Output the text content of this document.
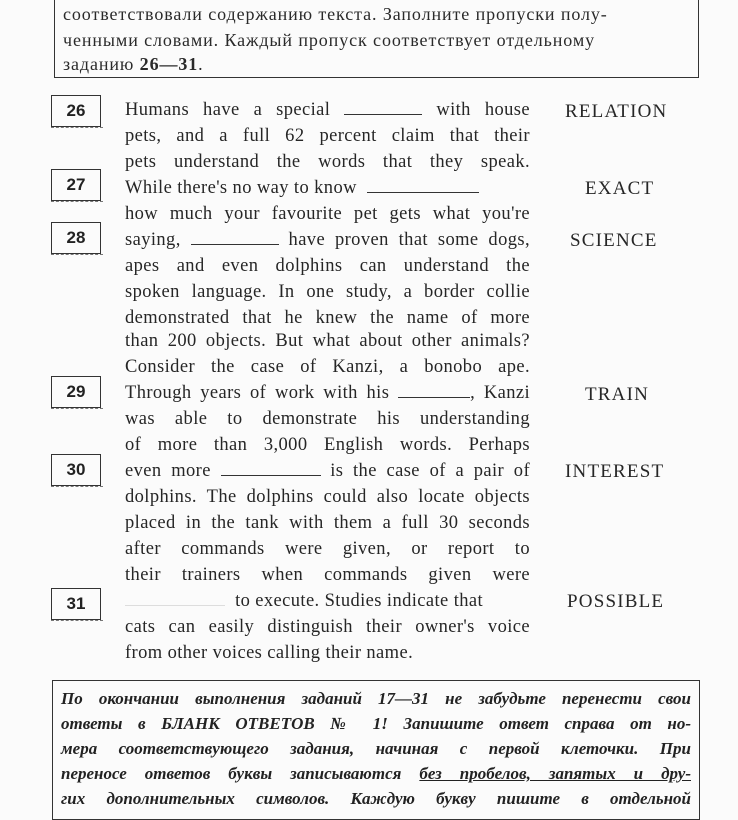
соответствовали содержанию текста. Заполните пропуски полу-
ченными словами. Каждый пропуск соответствует отдельному
заданию 26—31.
26
27
28
29
30
31
Humans have a special	with house
pets, and a full 62 percent claim that their
pets understand the words that they speak.
While there's no way to know
how much your favourite pet gets what you're
saying,	have proven that some dogs,
apes and even dolphins can understand the
spoken language. In one study, a border collie
demonstrated that he knew the name of more
than 200 objects. But what about other animals?
Consider the case of Kanzi, a bonobo ape.
Through years of work with his	, Kanzi
was able to demonstrate his understanding
of more than 3,000 English words. Perhaps
even more	is the case of a pair of
dolphins. The dolphins could also locate objects
placed in the tank with them a full 30 seconds
after commands were given, or report to
their trainers when commands given were
to execute. Studies indicate that
cats can easily distinguish their owner's voice
from other voices calling their name.
RELATION
EXACT
SCIENCE
TRAIN
INTEREST
POSSIBLE
По окончании выполнения заданий 17—31 не забудьте перенести свои
ответы в БЛАНК ОТВЕТОВ № 1! Запишите ответ справа от но-
мера соответствующего задания, начиная с первой клеточки. При
переносе ответов буквы записываются без пробелов, запятых и дру-
гих дополнительных символов. Каждую букву пишите в отдельной
